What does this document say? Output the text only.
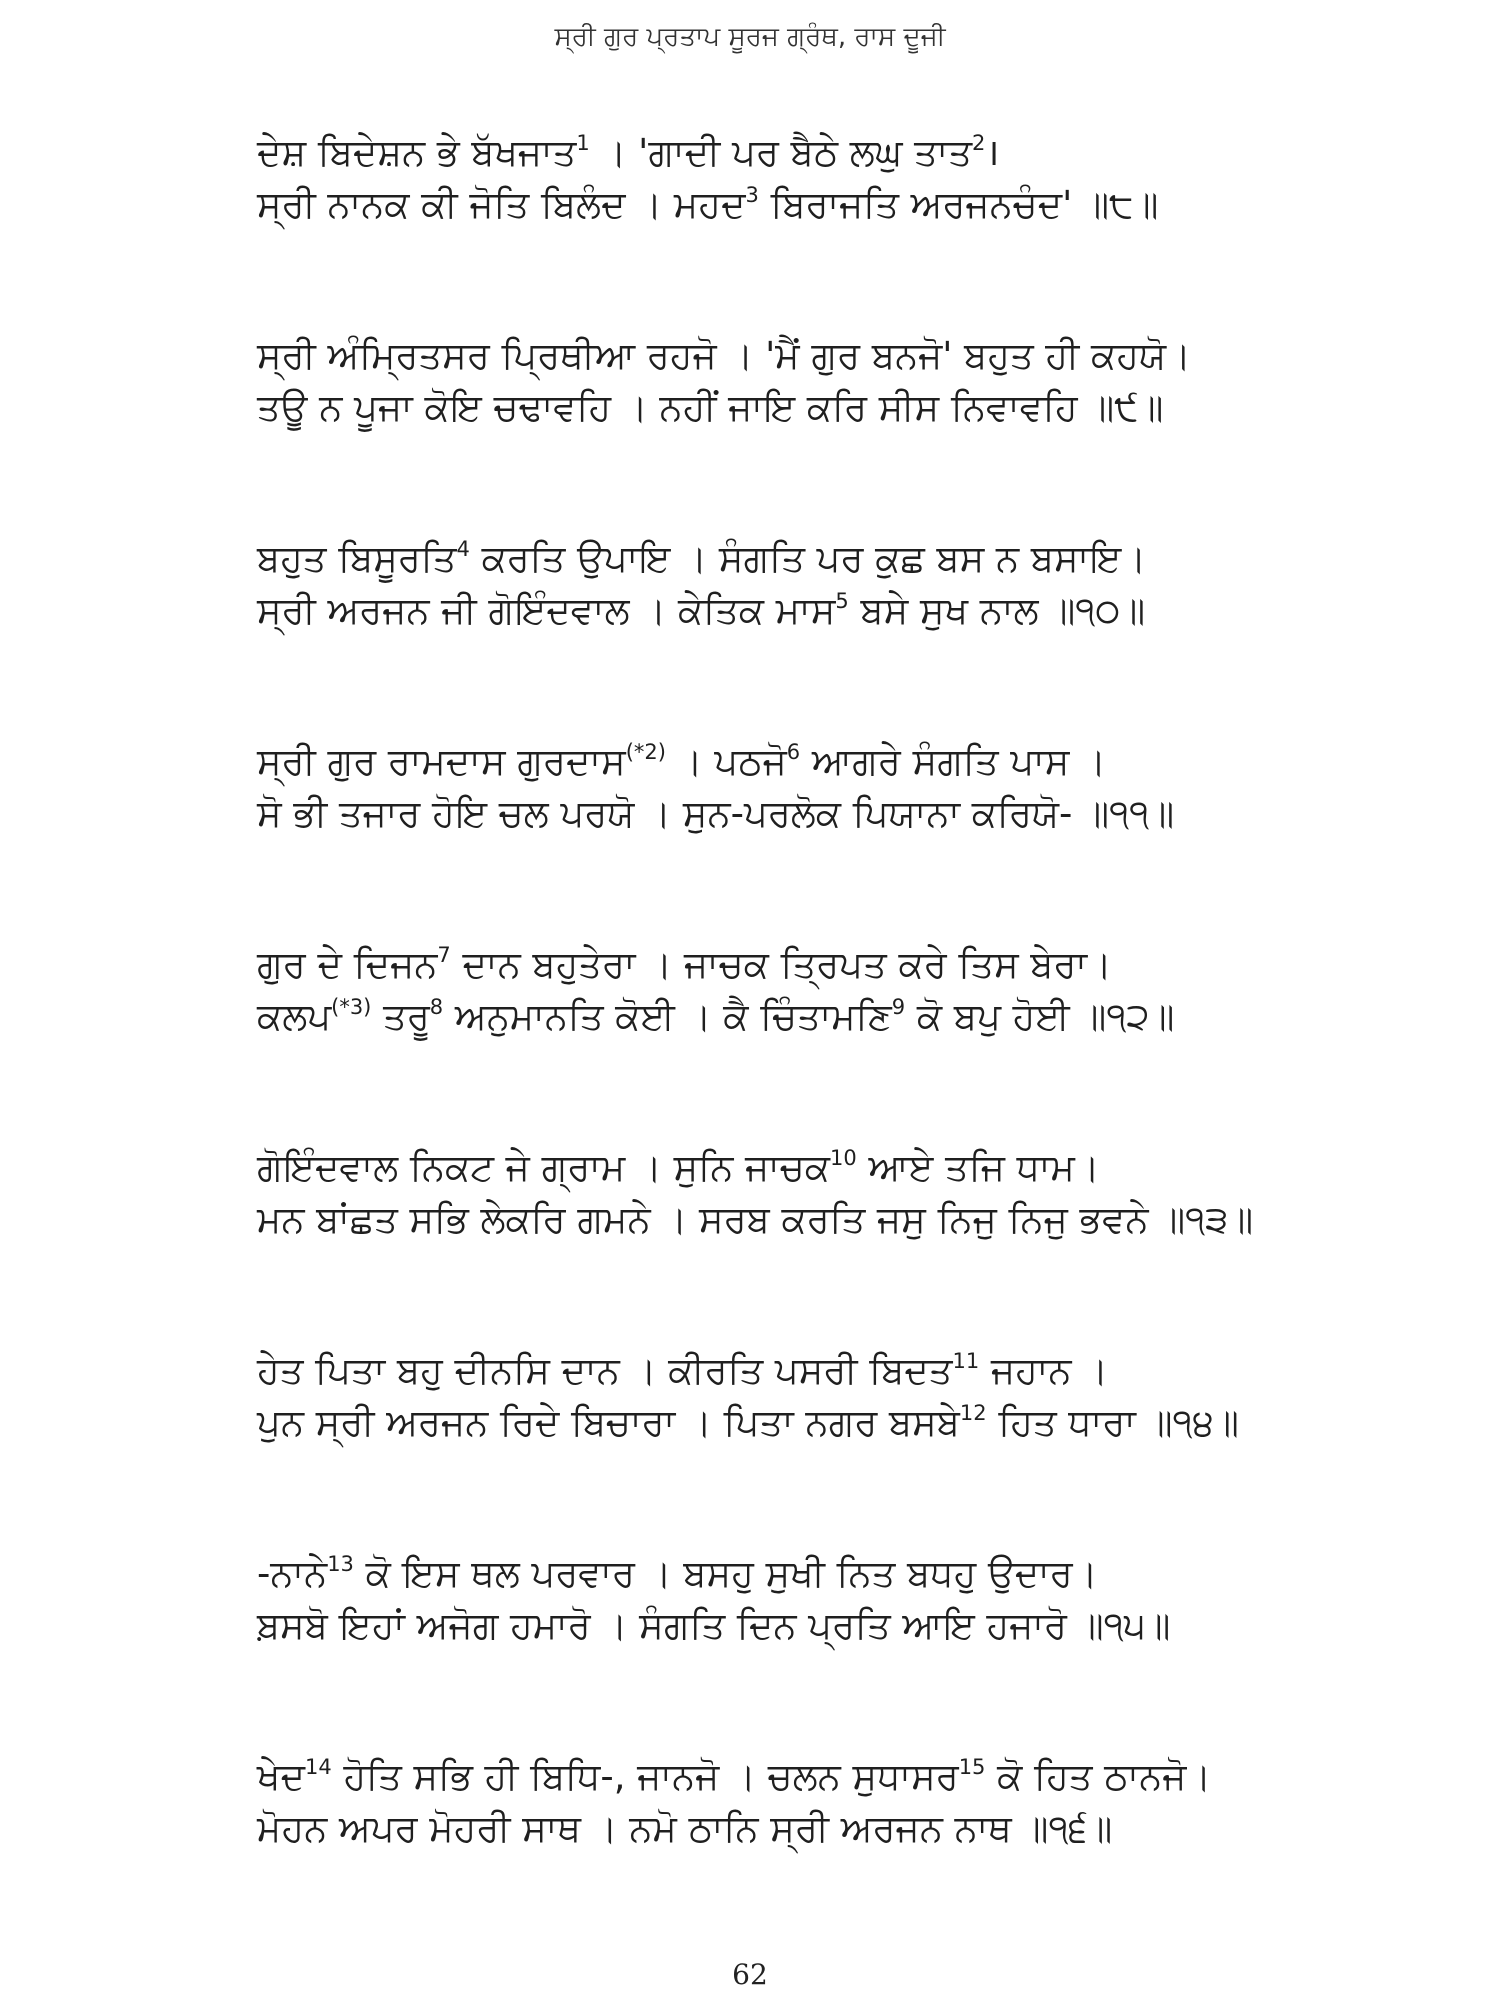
ਸ੍ਰੀ ਗੁਰ ਪ੍ਰਤਾਪ ਸੂਰਜ ਗ੍ਰੰਥ, ਰਾਸ ਦੂਜੀ
ਦੇਸ਼ ਬਿਦੇਸ਼ਨ ਭੇ ਬੱਖਜਾਤ$^1$ । 'ਗਾਦੀ ਪਰ ਬੈਠੇ ਲਘੁ ਤਾਤ$^2$।
ਸ੍ਰੀ ਨਾਨਕ ਕੀ ਜੋਤਿ ਬਿਲੰਦ । ਮਹਦ$^3$ ਬਿਰਾਜਤਿ ਅਰਜਨਚੰਦ' ॥੮॥
ਸ੍ਰੀ ਅੰਮ੍ਰਿਤਸਰ ਪ੍ਰਿਥੀਆ ਰਹਜੋ । 'ਮੈਂ ਗੁਰ ਬਨਜੋ' ਬਹੁਤ ਹੀ ਕਹਯੋ।
ਤਊ ਨ ਪੂਜਾ ਕੋਇ ਚਢਾਵਹਿ । ਨਹੀਂ ਜਾਇ ਕਰਿ ਸੀਸ ਨਿਵਾਵਹਿ ॥੯॥
ਬਹੁਤ ਬਿਸੂਰਤਿ$^4$ ਕਰਤਿ ਉਪਾਇ । ਸੰਗਤਿ ਪਰ ਕੁਛ ਬਸ ਨ ਬਸਾਇ।
ਸ੍ਰੀ ਅਰਜਨ ਜੀ ਗੋਇੰਦਵਾਲ । ਕੇਤਿਕ ਮਾਸ$^5$ ਬਸੇ ਸੁਖ ਨਾਲ ॥੧੦॥
ਸ੍ਰੀ ਗੁਰ ਰਾਮਦਾਸ ਗੁਰਦਾਸ$^{(*2)}$ । ਪਠਜੋ$^6$ ਆਗਰੇ ਸੰਗਤਿ ਪਾਸ ।
ਸੋ ਭੀ ਤਜਾਰ ਹੋਇ ਚਲ ਪਰਯੋ । ਸੁਨ-ਪਰਲੋਕ ਪਿਯਾਨਾ ਕਰਿਯੋ- ॥੧੧॥
ਗੁਰ ਦੇ ਦਿਜਨ$^7$ ਦਾਨ ਬਹੁਤੇਰਾ । ਜਾਚਕ ਤ੍ਰਿਪਤ ਕਰੇ ਤਿਸ ਬੇਰਾ।
ਕਲਪ$^{(*3)}$ ਤਰੂ$^8$ ਅਨੁਮਾਨਤਿ ਕੋਈ । ਕੈ ਚਿੰਤਾਮਣਿ$^9$ ਕੋ ਬਪੁ ਹੋਈ ॥੧੨॥
ਗੋਇੰਦਵਾਲ ਨਿਕਟ ਜੇ ਗ੍ਰਾਮ । ਸੁਨਿ ਜਾਚਕ$^{10}$ ਆਏ ਤਜਿ ਧਾਮ।
ਮਨ ਬਾਂਛਤ ਸਭਿ ਲੇਕਰਿ ਗਮਨੇ । ਸਰਬ ਕਰਤਿ ਜਸੁ ਨਿਜੁ ਨਿਜੁ ਭਵਨੇ ॥੧੩॥
ਹੇਤ ਪਿਤਾ ਬਹੁ ਦੀਨਸਿ ਦਾਨ । ਕੀਰਤਿ ਪਸਰੀ ਬਿਦਤ$^{11}$ ਜਹਾਨ ।
ਪੁਨ ਸ੍ਰੀ ਅਰਜਨ ਰਿਦੇ ਬਿਚਾਰਾ । ਪਿਤਾ ਨਗਰ ਬਸਬੇ$^{12}$ ਹਿਤ ਧਾਰਾ ॥੧੪॥
-ਨਾਨੇ$^{13}$ ਕੋ ਇਸ ਥਲ ਪਰਵਾਰ । ਬਸਹੁ ਸੁਖੀ ਨਿਤ ਬਧਹੁ ਉਦਾਰ।
ਬ਼ਸਬੋ ਇਹਾਂ ਅਜੋਗ ਹਮਾਰੋ । ਸੰਗਤਿ ਦਿਨ ਪ੍ਰਤਿ ਆਇ ਹਜਾਰੋ ॥੧੫॥
ਖੇਦ$^{14}$ ਹੋਤਿ ਸਭਿ ਹੀ ਬਿਧਿ-, ਜਾਨਜੋ । ਚਲਨ ਸੁਧਾਸਰ$^{15}$ ਕੋ ਹਿਤ ਠਾਨਜੋ।
ਮੋਹਨ ਅਪਰ ਮੋਹਰੀ ਸਾਥ । ਨਮੋ ਠਾਨਿ ਸ੍ਰੀ ਅਰਜਨ ਨਾਥ ॥੧੬॥
62
